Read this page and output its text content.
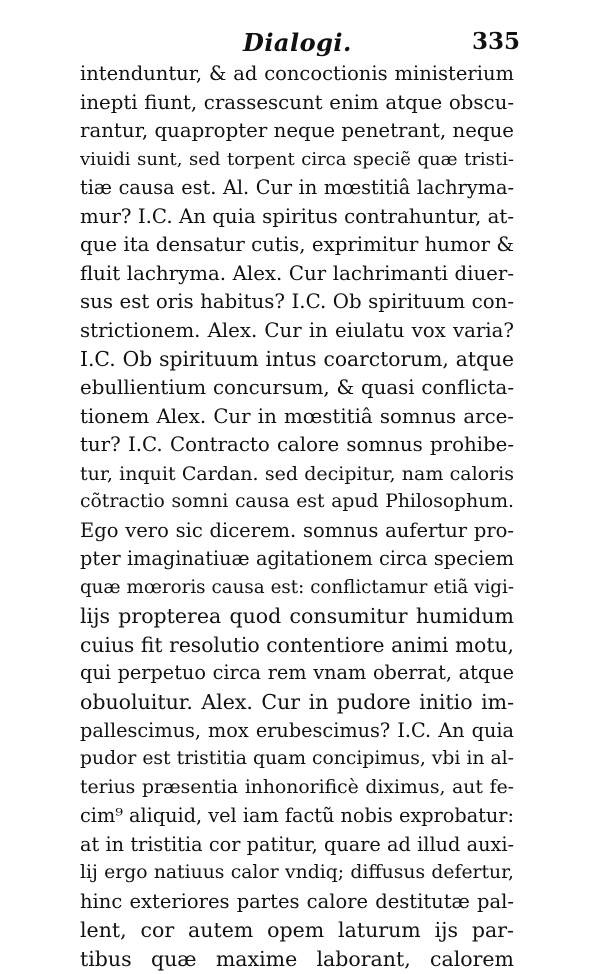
Dialogi.	335
intenduntur, & ad concoctionis ministerium
inepti fiunt, crassescunt enim atque obscu-
rantur, quapropter neque penetrant, neque
viuidi sunt, sed torpent circa speciẽ quæ tristi-
tiæ causa est. Al. Cur in mœstitiâ lachryma-
mur? I.C. An quia spiritus contrahuntur, at-
que ita densatur cutis, exprimitur humor &
fluit lachryma. Alex. Cur lachrimanti diuer-
sus est oris habitus? I.C. Ob spirituum con-
strictionem. Alex. Cur in eiulatu vox varia?
I.C. Ob spirituum intus coarctorum, atque
ebullientium concursum, & quasi conflicta-
tionem Alex. Cur in mœstitiâ somnus arce-
tur? I.C. Contracto calore somnus prohibe-
tur, inquit Cardan. sed decipitur, nam caloris
cõtractio somni causa est apud Philosophum.
Ego vero sic dicerem. somnus aufertur pro-
pter imaginatiuæ agitationem circa speciem
quæ mœroris causa est: conflictamur etiã vigi-
lijs propterea quod consumitur humidum
cuius fit resolutio contentiore animi motu,
qui perpetuo circa rem vnam oberrat, atque
obuoluitur. Alex. Cur in pudore initio im-
pallescimus, mox erubescimus? I.C. An quia
pudor est tristitia quam concipimus, vbi in al-
terius præsentia inhonorificè diximus, aut fe-
cim⁹ aliquid, vel iam factũ nobis exprobatur:
at in tristitia cor patitur, quare ad illud auxi-
lij ergo natiuus calor vndiq; diffusus defertur,
hinc exteriores partes calore destitutæ pal-
lent, cor autem opem laturum ijs par-
tibus quæ maxime laborant, calorem
